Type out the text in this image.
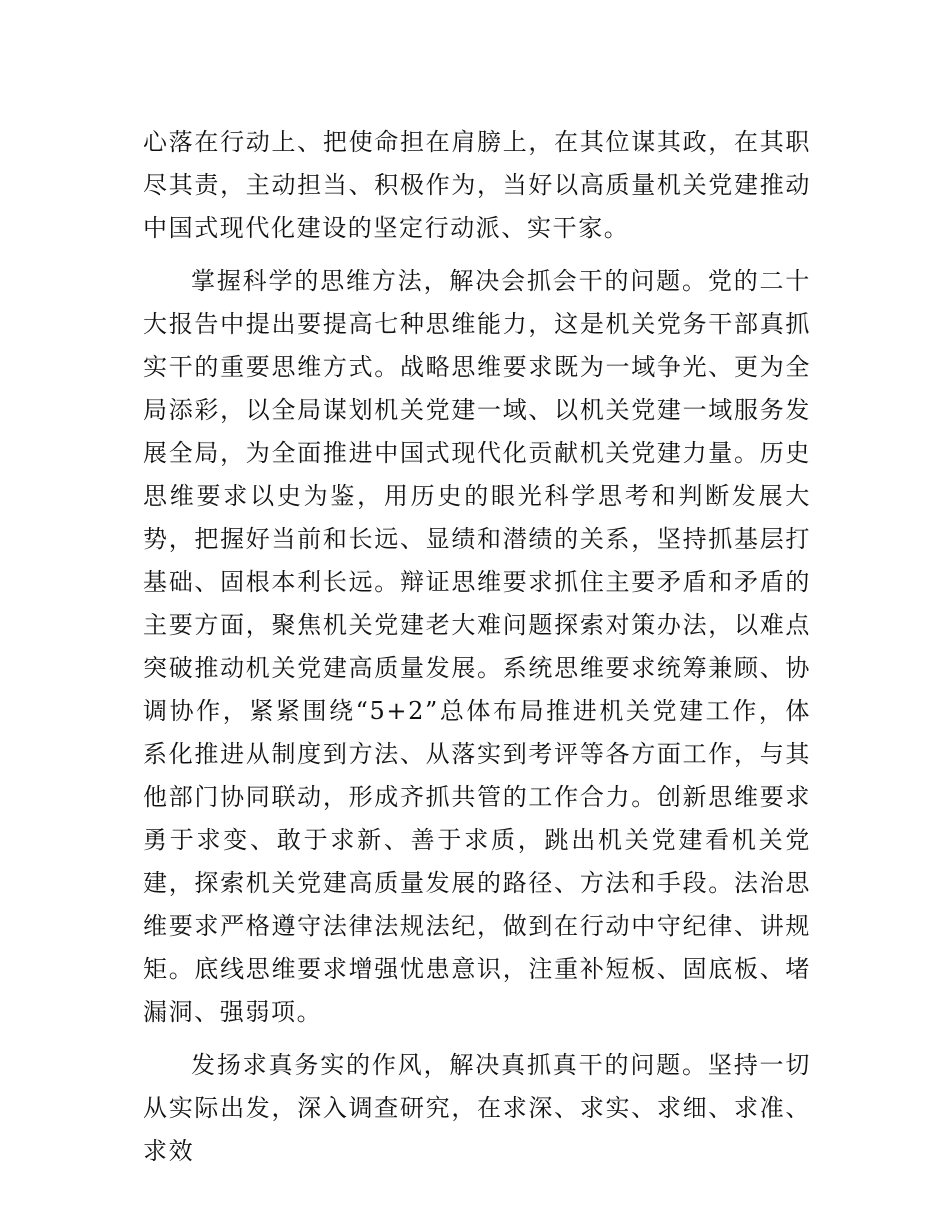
心落在行动上、把使命担在肩膀上，在其位谋其政，在其职尽其责，主动担当、积极作为，当好以高质量机关党建推动中国式现代化建设的坚定行动派、实干家。

掌握科学的思维方法，解决会抓会干的问题。党的二十大报告中提出要提高七种思维能力，这是机关党务干部真抓实干的重要思维方式。战略思维要求既为一域争光、更为全局添彩，以全局谋划机关党建一域、以机关党建一域服务发展全局，为全面推进中国式现代化贡献机关党建力量。历史思维要求以史为鉴，用历史的眼光科学思考和判断发展大势，把握好当前和长远、显绩和潜绩的关系，坚持抓基层打基础、固根本利长远。辩证思维要求抓住主要矛盾和矛盾的主要方面，聚焦机关党建老大难问题探索对策办法，以难点突破推动机关党建高质量发展。系统思维要求统筹兼顾、协调协作，紧紧围绕“5+2”总体布局推进机关党建工作，体系化推进从制度到方法、从落实到考评等各方面工作，与其他部门协同联动，形成齐抓共管的工作合力。创新思维要求勇于求变、敢于求新、善于求质，跳出机关党建看机关党建，探索机关党建高质量发展的路径、方法和手段。法治思维要求严格遵守法律法规法纪，做到在行动中守纪律、讲规矩。底线思维要求增强忧患意识，注重补短板、固底板、堵漏洞、强弱项。

发扬求真务实的作风，解决真抓真干的问题。坚持一切从实际出发，深入调查研究，在求深、求实、求细、求准、求效
